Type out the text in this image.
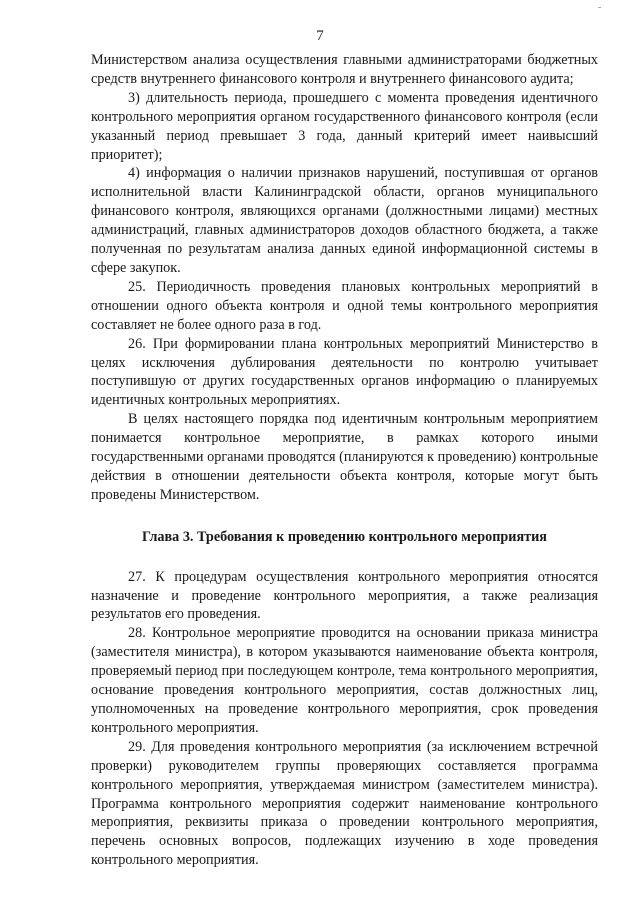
-
7

Министерством анализа осуществления главными администраторами бюджетных средств внутреннего финансового контроля и внутреннего финансового аудита;

3) длительность периода, прошедшего с момента проведения идентичного контрольного мероприятия органом государственного финансового контроля (если указанный период превышает 3 года, данный критерий имеет наивысший приоритет);

4) информация о наличии признаков нарушений, поступившая от органов исполнительной власти Калининградской области, органов муниципального финансового контроля, являющихся органами (должностными лицами) местных администраций, главных администраторов доходов областного бюджета, а также полученная по результатам анализа данных единой информационной системы в сфере закупок.

25. Периодичность проведения плановых контрольных мероприятий в отношении одного объекта контроля и одной темы контрольного мероприятия составляет не более одного раза в год.

26. При формировании плана контрольных мероприятий Министерство в целях исключения дублирования деятельности по контролю учитывает поступившую от других государственных органов информацию о планируемых идентичных контрольных мероприятиях.

В целях настоящего порядка под идентичным контрольным мероприятием понимается контрольное мероприятие, в рамках которого иными государственными органами проводятся (планируются к проведению) контрольные действия в отношении деятельности объекта контроля, которые могут быть проведены Министерством.

Глава 3. Требования к проведению контрольного мероприятия

27. К процедурам осуществления контрольного мероприятия относятся назначение и проведение контрольного мероприятия, а также реализация результатов его проведения.

28. Контрольное мероприятие проводится на основании приказа министра (заместителя министра), в котором указываются наименование объекта контроля, проверяемый период при последующем контроле, тема контрольного мероприятия, основание проведения контрольного мероприятия, состав должностных лиц, уполномоченных на проведение контрольного мероприятия, срок проведения контрольного мероприятия.

29. Для проведения контрольного мероприятия (за исключением встречной проверки) руководителем группы проверяющих составляется программа контрольного мероприятия, утверждаемая министром (заместителем министра). Программа контрольного мероприятия содержит наименование контрольного мероприятия, реквизиты приказа о проведении контрольного мероприятия, перечень основных вопросов, подлежащих изучению в ходе проведения контрольного мероприятия.
